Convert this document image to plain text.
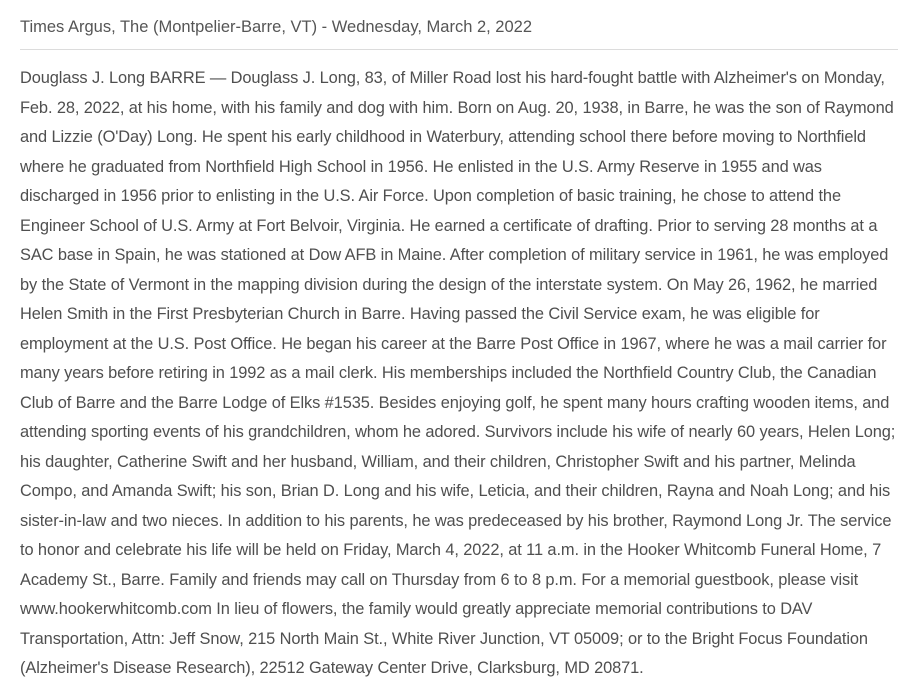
Times Argus, The (Montpelier-Barre, VT) - Wednesday, March 2, 2022

Douglass J. Long BARRE — Douglass J. Long, 83, of Miller Road lost his hard-fought battle with Alzheimer's on Monday, Feb. 28, 2022, at his home, with his family and dog with him. Born on Aug. 20, 1938, in Barre, he was the son of Raymond and Lizzie (O'Day) Long. He spent his early childhood in Waterbury, attending school there before moving to Northfield where he graduated from Northfield High School in 1956. He enlisted in the U.S. Army Reserve in 1955 and was discharged in 1956 prior to enlisting in the U.S. Air Force. Upon completion of basic training, he chose to attend the Engineer School of U.S. Army at Fort Belvoir, Virginia. He earned a certificate of drafting. Prior to serving 28 months at a SAC base in Spain, he was stationed at Dow AFB in Maine. After completion of military service in 1961, he was employed by the State of Vermont in the mapping division during the design of the interstate system. On May 26, 1962, he married Helen Smith in the First Presbyterian Church in Barre. Having passed the Civil Service exam, he was eligible for employment at the U.S. Post Office. He began his career at the Barre Post Office in 1967, where he was a mail carrier for many years before retiring in 1992 as a mail clerk. His memberships included the Northfield Country Club, the Canadian Club of Barre and the Barre Lodge of Elks #1535. Besides enjoying golf, he spent many hours crafting wooden items, and attending sporting events of his grandchildren, whom he adored. Survivors include his wife of nearly 60 years, Helen Long; his daughter, Catherine Swift and her husband, William, and their children, Christopher Swift and his partner, Melinda Compo, and Amanda Swift; his son, Brian D. Long and his wife, Leticia, and their children, Rayna and Noah Long; and his sister-in-law and two nieces. In addition to his parents, he was predeceased by his brother, Raymond Long Jr. The service to honor and celebrate his life will be held on Friday, March 4, 2022, at 11 a.m. in the Hooker Whitcomb Funeral Home, 7 Academy St., Barre. Family and friends may call on Thursday from 6 to 8 p.m. For a memorial guestbook, please visit www.hookerwhitcomb.com In lieu of flowers, the family would greatly appreciate memorial contributions to DAV Transportation, Attn: Jeff Snow, 215 North Main St., White River Junction, VT 05009; or to the Bright Focus Foundation (Alzheimer's Disease Research), 22512 Gateway Center Drive, Clarksburg, MD 20871.
